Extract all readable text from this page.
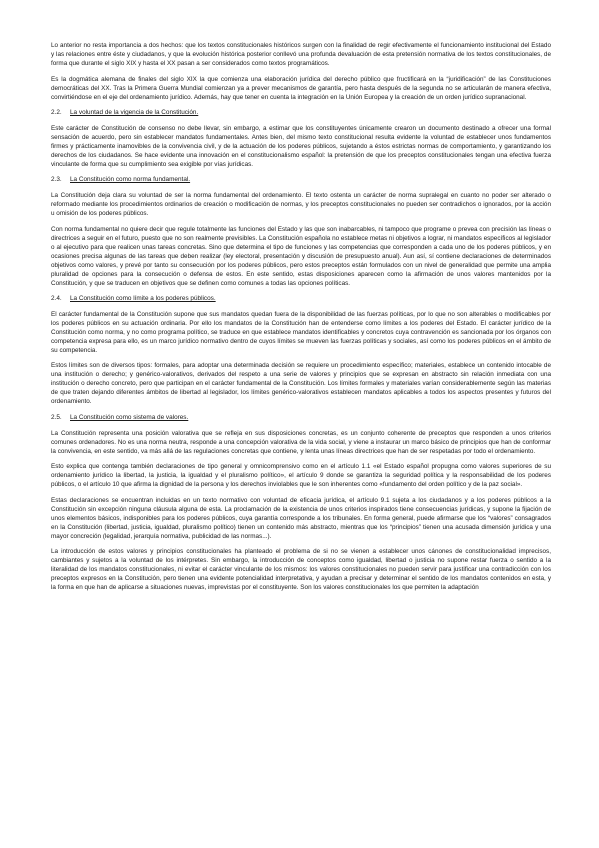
Lo anterior no resta importancia a dos hechos: que los textos constitucionales históricos surgen con la finalidad de regir efectivamente el funcionamiento institucional del Estado y las relaciones entre éste y ciudadanos, y que la evolución histórica posterior conllevó una profunda devaluación de esta pretensión normativa de los textos constitucionales, de forma que durante el siglo XIX y hasta el XX pasan a ser considerados como textos programáticos.

Es la dogmática alemana de finales del siglo XIX la que comienza una elaboración jurídica del derecho público que fructificará en la “juridificación” de las Constituciones democráticas del XX. Tras la Primera Guerra Mundial comienzan ya a prever mecanismos de garantía, pero hasta después de la segunda no se articularán de manera efectiva, convirtiéndose en el eje del ordenamiento jurídico. Además, hay que tener en cuenta la integración en la Unión Europea y la creación de un orden jurídico supranacional.

2.2. La voluntad de la vigencia de la Constitución.

Este carácter de Constitución de consenso no debe llevar, sin embargo, a estimar que los constituyentes únicamente crearon un documento destinado a ofrecer una formal sensación de acuerdo, pero sin establecer mandatos fundamentales. Antes bien, del mismo texto constitucional resulta evidente la voluntad de establecer unos fundamentos firmes y prácticamente inamovibles de la convivencia civil, y de la actuación de los poderes públicos, sujetando a éstos estrictas normas de comportamiento, y garantizando los derechos de los ciudadanos. Se hace evidente una innovación en el constitucionalismo español: la pretensión de que los preceptos constitucionales tengan una efectiva fuerza vinculante de forma que su cumplimiento sea exigible por vías jurídicas.

2.3. La Constitución como norma fundamental.

La Constitución deja clara su voluntad de ser la norma fundamental del ordenamiento. El texto ostenta un carácter de norma supralegal en cuanto no poder ser alterado o reformado mediante los procedimientos ordinarios de creación o modificación de normas, y los preceptos constitucionales no pueden ser contradichos o ignorados, por la acción u omisión de los poderes públicos.

Con norma fundamental no quiere decir que regule totalmente las funciones del Estado y las que son inabarcables, ni tampoco que programe o prevea con precisión las líneas o directrices a seguir en el futuro, puesto que no son realmente previsibles. La Constitución española no establece metas ni objetivos a lograr, ni mandatos específicos al legislador o al ejecutivo para que realicen unas tareas concretas. Sino que determina el tipo de funciones y las competencias que corresponden a cada uno de los poderes públicos, y en ocasiones precisa algunas de las tareas que deben realizar (ley electoral, presentación y discusión de presupuesto anual). Aun así, sí contiene declaraciones de determinados objetivos como valores, y prevé por tanto su consecución por los poderes públicos, pero estos preceptos están formulados con un nivel de generalidad que permite una amplia pluralidad de opciones para la consecución o defensa de estos. En este sentido, estas disposiciones aparecen como la afirmación de unos valores mantenidos por la Constitución, y que se traducen en objetivos que se definen como comunes a todas las opciones políticas.

2.4. La Constitución como límite a los poderes públicos.

El carácter fundamental de la Constitución supone que sus mandatos quedan fuera de la disponibilidad de las fuerzas políticas, por lo que no son alterables o modificables por los poderes públicos en su actuación ordinaria. Por ello los mandatos de la Constitución han de entenderse como límites a los poderes del Estado. El carácter jurídico de la Constitución como norma, y no como programa político, se traduce en que establece mandatos identificables y concretos cuya contravención es sancionada por los órganos con competencia expresa para ello, es un marco jurídico normativo dentro de cuyos límites se mueven las fuerzas políticas y sociales, así como los poderes públicos en el ámbito de su competencia.

Estos límites son de diversos tipos: formales, para adoptar una determinada decisión se requiere un procedimiento específico; materiales, establece un contenido intocable de una institución o derecho; y genérico-valorativos, derivados del respeto a una serie de valores y principios que se expresan en abstracto sin relación inmediata con una institución o derecho concreto, pero que participan en el carácter fundamental de la Constitución. Los límites formales y materiales varían considerablemente según las materias de que traten dejando diferentes ámbitos de libertad al legislador, los límites genérico-valorativos establecen mandatos aplicables a todos los aspectos presentes y futuros del ordenamiento.

2.5. La Constitución como sistema de valores.

La Constitución representa una posición valorativa que se refleja en sus disposiciones concretas, es un conjunto coherente de preceptos que responden a unos criterios comunes ordenadores. No es una norma neutra, responde a una concepción valorativa de la vida social, y viene a instaurar un marco básico de principios que han de conformar la convivencia, en este sentido, va más allá de las regulaciones concretas que contiene, y lenta unas líneas directrices que han de ser respetadas por todo el ordenamiento.

Esto explica que contenga también declaraciones de tipo general y omnicomprensivo como en el artículo 1.1 «el Estado español propugna como valores superiores de su ordenamiento jurídico la libertad, la justicia, la igualdad y el pluralismo político», el artículo 9 donde se garantiza la seguridad política y la responsabilidad de los poderes públicos, o el artículo 10 que afirma la dignidad de la persona y los derechos inviolables que le son inherentes como «fundamento del orden político y de la paz social».

Estas declaraciones se encuentran incluidas en un texto normativo con voluntad de eficacia jurídica, el artículo 9.1 sujeta a los ciudadanos y a los poderes públicos a la Constitución sin excepción ninguna cláusula alguna de esta. La proclamación de la existencia de unos criterios inspirados tiene consecuencias jurídicas, y supone la fijación de unos elementos básicos, indisponibles para los poderes públicos, cuya garantía corresponde a los tribunales. En forma general, puede afirmarse que los “valores” consagrados en la Constitución (libertad, justicia, igualdad, pluralismo político) tienen un contenido más abstracto, mientras que los “principios” tienen una acusada dimensión jurídica y una mayor concreción (legalidad, jerarquía normativa, publicidad de las normas...).

La introducción de estos valores y principios constitucionales ha planteado el problema de si no se vienen a establecer unos cánones de constitucionalidad imprecisos, cambiantes y sujetos a la voluntad de los intérpretes. Sin embargo, la introducción de conceptos como igualdad, libertad o justicia no supone restar fuerza o sentido a la literalidad de los mandatos constitucionales, ni evitar el carácter vinculante de los mismos: los valores constitucionales no pueden servir para justificar una contradicción con los preceptos expresos en la Constitución, pero tienen una evidente potencialidad interpretativa, y ayudan a precisar y determinar el sentido de los mandatos contenidos en esta, y la forma en que han de aplicarse a situaciones nuevas, imprevistas por el constituyente. Son los valores constitucionales los que permiten la adaptación
